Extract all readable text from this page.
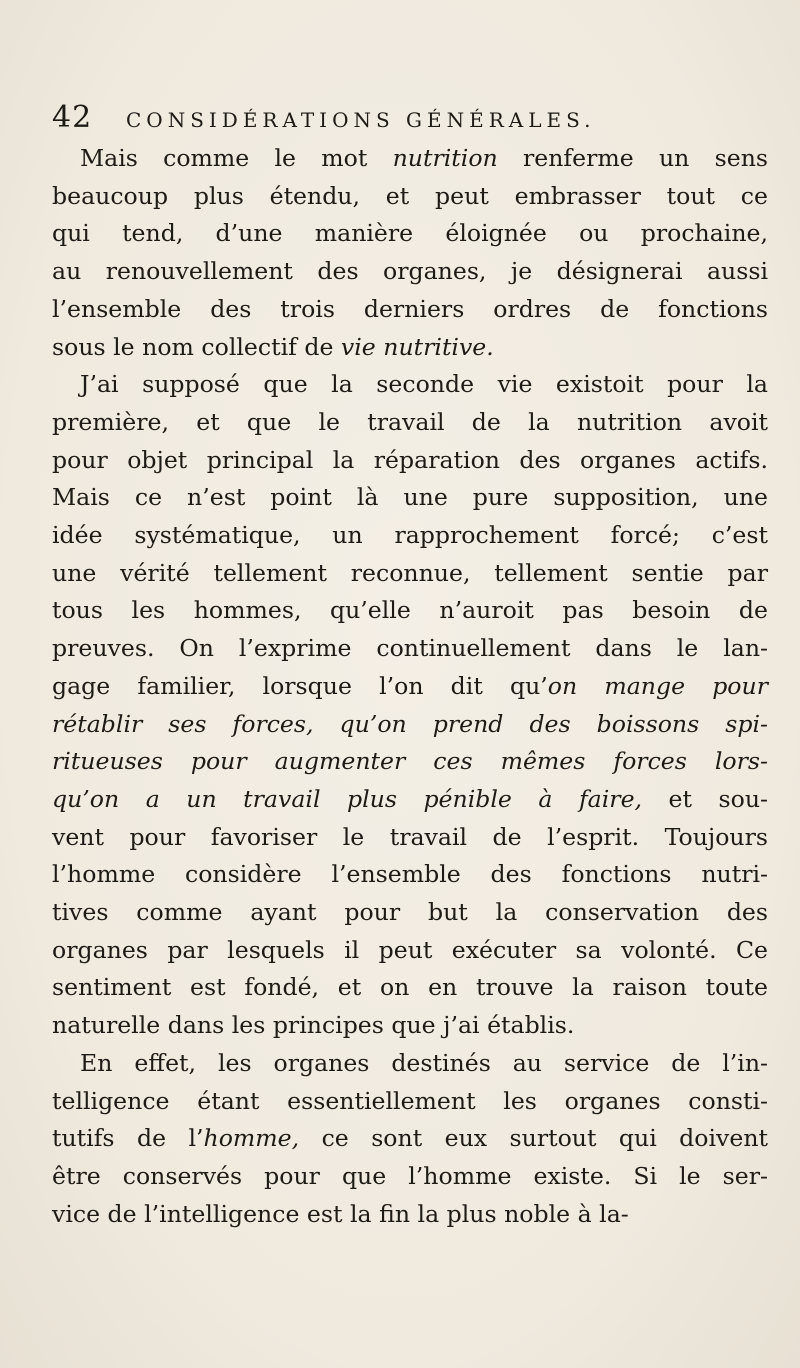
42	CONSIDÉRATIONS GÉNÉRALES.

Mais comme le mot nutrition renferme un sens
beaucoup plus étendu, et peut embrasser tout ce
qui tend, d’une manière éloignée ou prochaine,
au renouvellement des organes, je désignerai aussi
l’ensemble des trois derniers ordres de fonctions
sous le nom collectif de vie nutritive.

J’ai supposé que la seconde vie existoit pour la
première, et que le travail de la nutrition avoit
pour objet principal la réparation des organes actifs.
Mais ce n’est point là une pure supposition, une
idée systématique, un rapprochement forcé; c’est
une vérité tellement reconnue, tellement sentie par
tous les hommes, qu’elle n’auroit pas besoin de
preuves. On l’exprime continuellement dans le lan-
gage familier, lorsque l’on dit qu’on mange pour
rétablir ses forces, qu’on prend des boissons spi-
ritueuses pour augmenter ces mêmes forces lors-
qu’on a un travail plus pénible à faire, et sou-
vent pour favoriser le travail de l’esprit. Toujours
l’homme considère l’ensemble des fonctions nutri-
tives comme ayant pour but la conservation des
organes par lesquels il peut exécuter sa volonté. Ce
sentiment est fondé, et on en trouve la raison toute
naturelle dans les principes que j’ai établis.

En effet, les organes destinés au service de l’in-
telligence étant essentiellement les organes consti-
tutifs de l’homme, ce sont eux surtout qui doivent
être conservés pour que l’homme existe. Si le ser-
vice de l’intelligence est la fin la plus noble à la-
